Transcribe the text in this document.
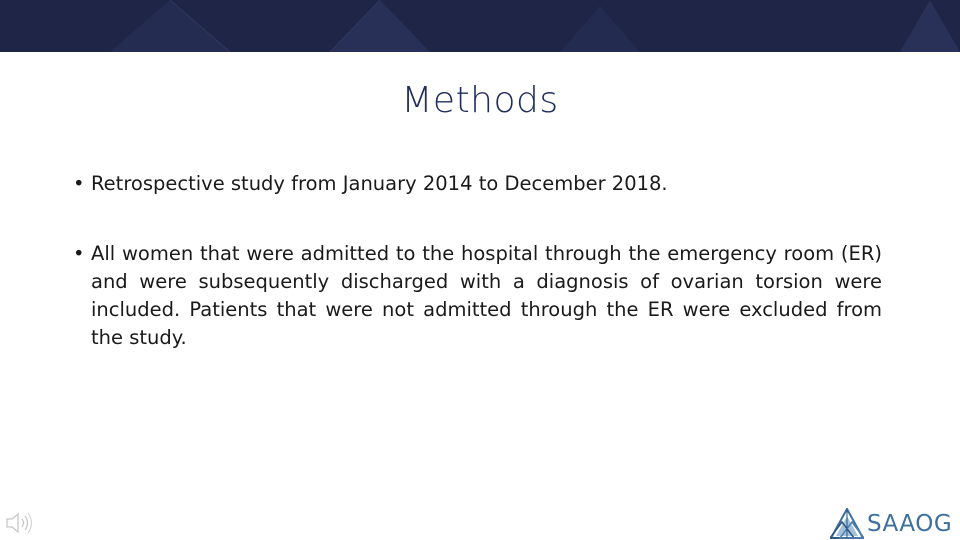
Methods
• Retrospective study from January 2014 to December 2018.
• All women that were admitted to the hospital through the emergency room (ER) and were subsequently discharged with a diagnosis of ovarian torsion were included. Patients that were not admitted through the ER were excluded from the study.
SAAOG
